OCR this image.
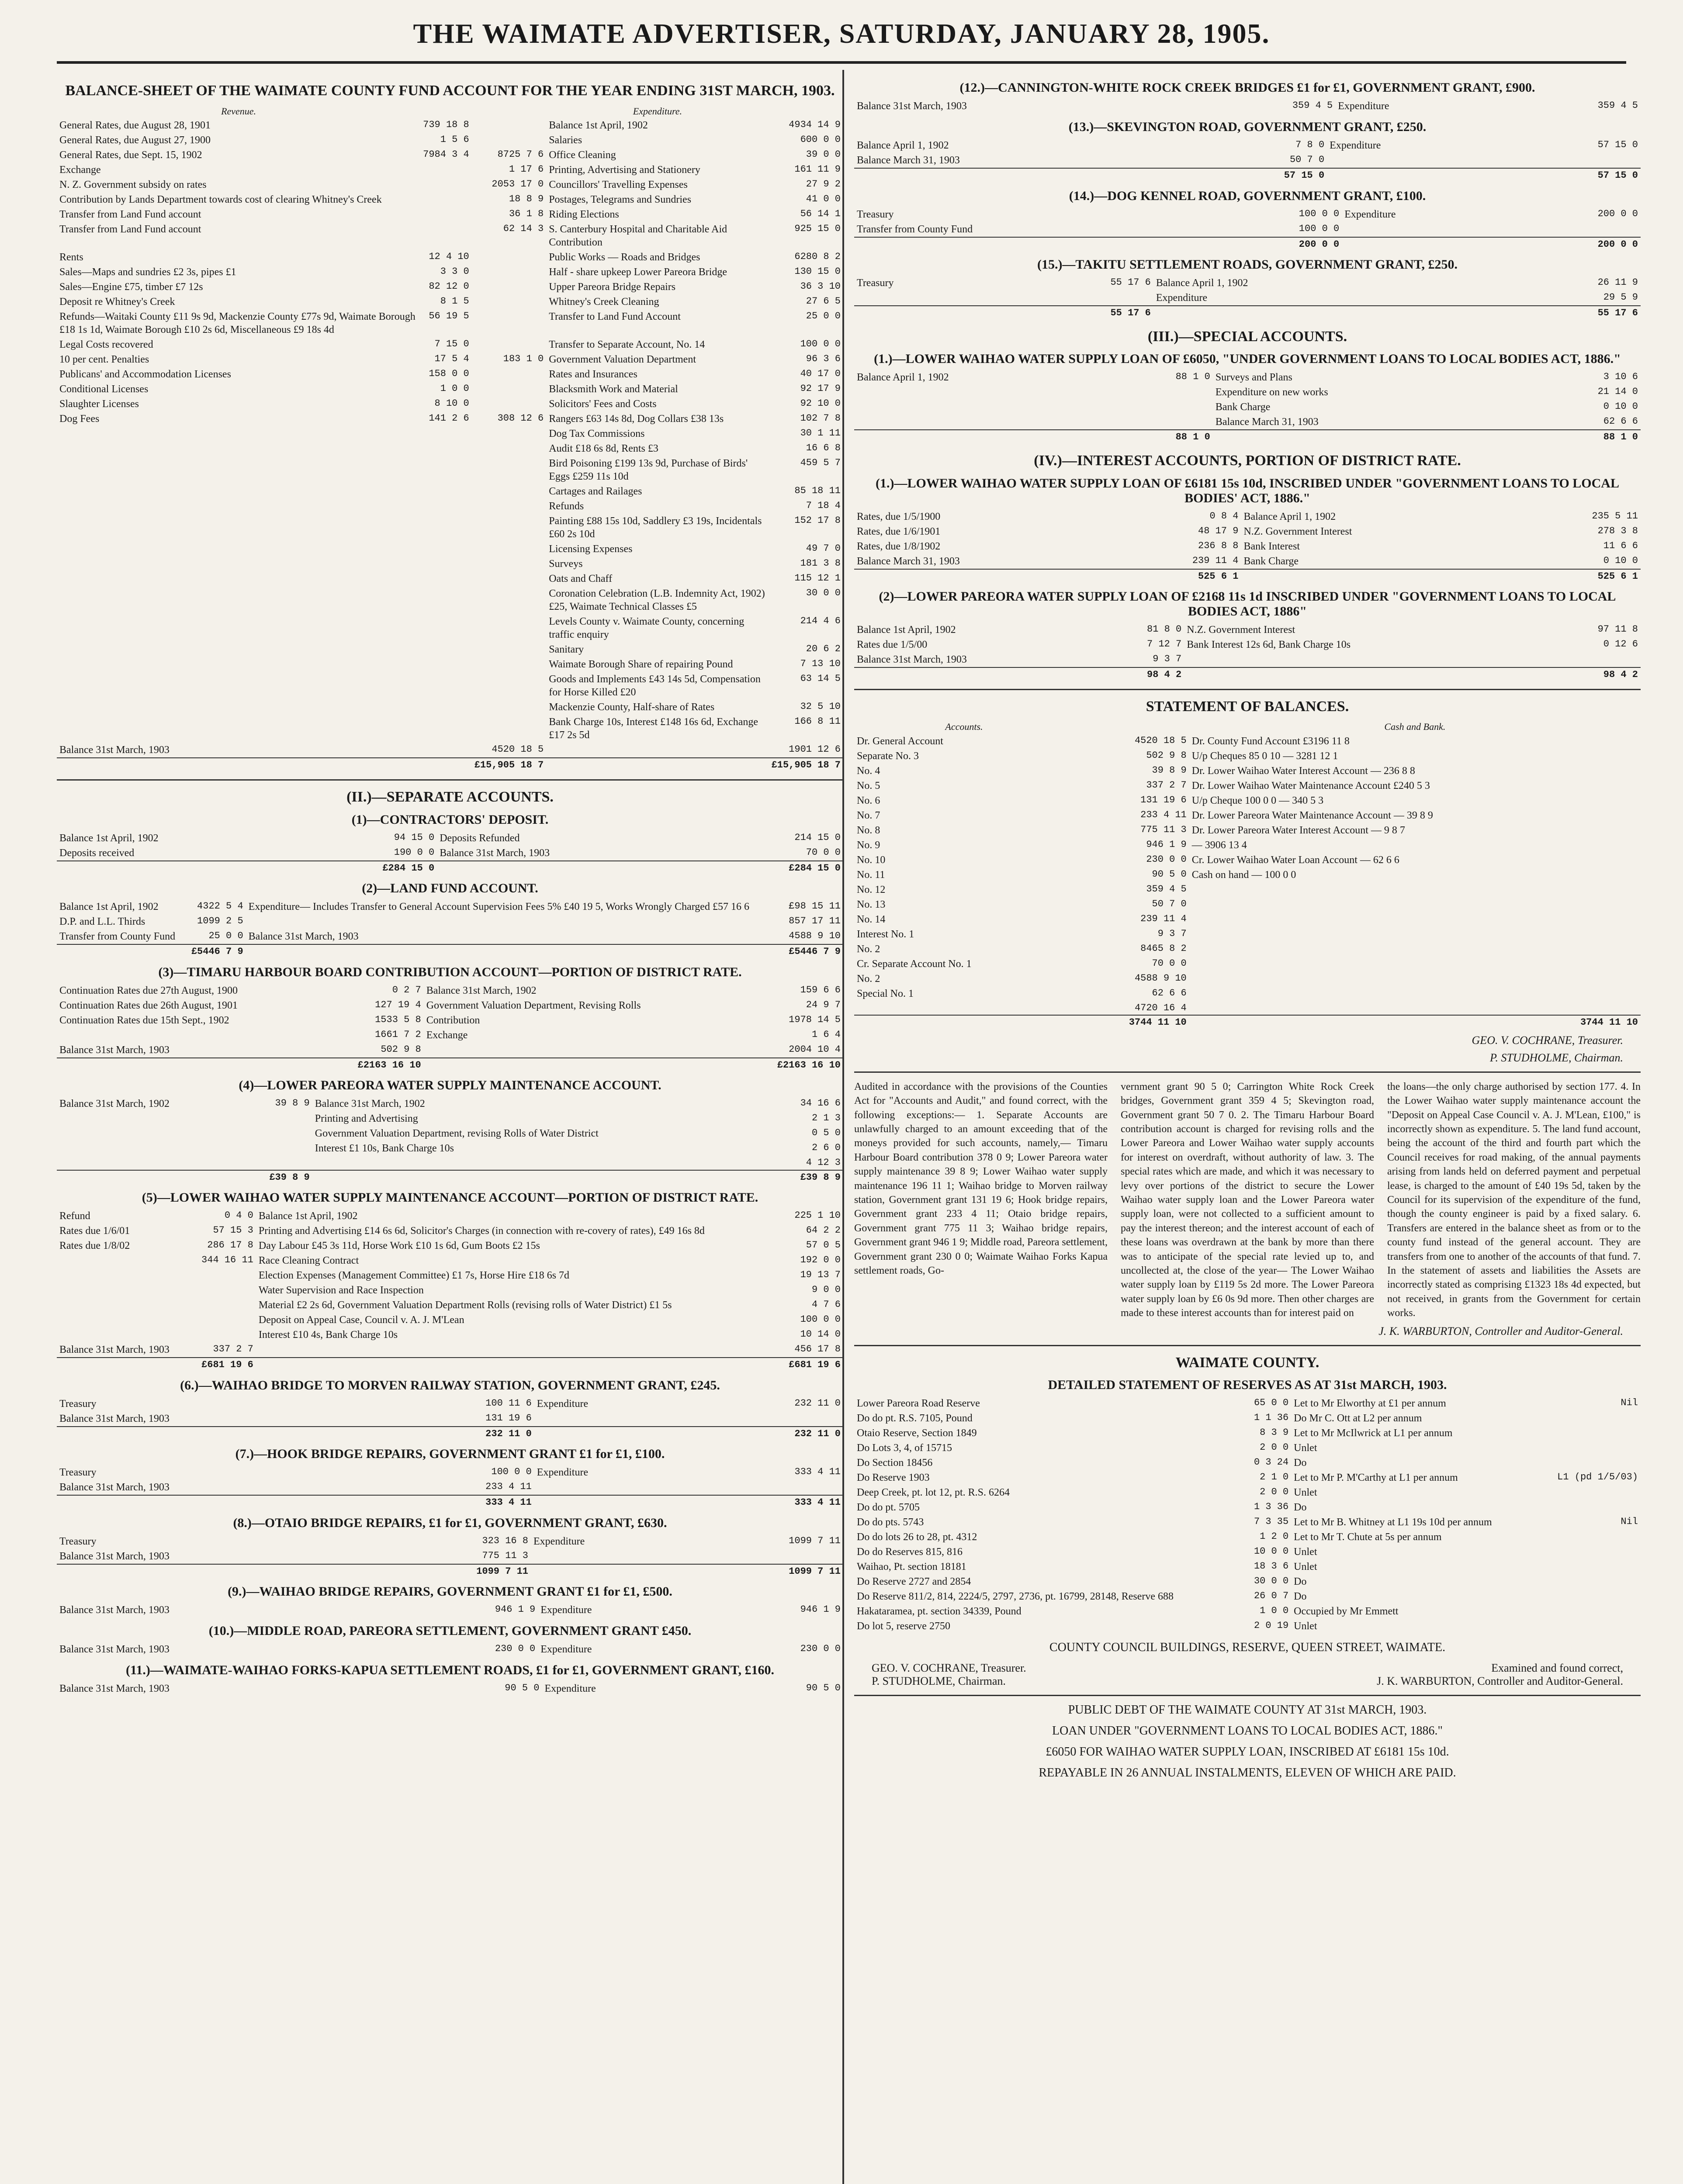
THE WAIMATE ADVERTISER, SATURDAY, JANUARY 28, 1905.
BALANCE-SHEET OF THE WAIMATE COUNTY FUND ACCOUNT FOR THE YEAR ENDING 31ST MARCH, 1903.
Revenue.			Expenditure.	
General Rates, due August 28, 1901	739 18 8		Balance 1st April, 1902	4934 14 9
General Rates, due August 27, 1900	1 5 6		Salaries	600 0 0
General Rates, due Sept. 15, 1902	7984 3 4	8725 7 6	Office Cleaning	39 0 0
Exchange		1 17 6	Printing, Advertising and Stationery	161 11 9
N. Z. Government subsidy on rates		2053 17 0	Councillors' Travelling Expenses	27 9 2
Contribution by Lands Department towards cost of clearing Whitney's Creek		18 8 9	Postages, Telegrams and Sundries	41 0 0
Transfer from Land Fund account		36 1 8	Riding Elections	56 14 1
Transfer from Land Fund account		62 14 3	S. Canterbury Hospital and Charitable Aid Contribution	925 15 0
Rents	12 4 10		Public Works — Roads and Bridges	6280 8 2
Sales—Maps and sundries £2 3s, pipes £1	3 3 0		Half - share upkeep Lower Pareora Bridge	130 15 0
Sales—Engine £75, timber £7 12s	82 12 0		Upper Pareora Bridge Repairs	36 3 10
Deposit re Whitney's Creek	8 1 5		Whitney's Creek Cleaning	27 6 5
Refunds—Waitaki County £11 9s 9d, Mackenzie County £77s 9d, Waimate Borough £18 1s 1d, Waimate Borough £10 2s 6d, Miscellaneous £9 18s 4d	56 19 5		Transfer to Land Fund Account	25 0 0
Legal Costs recovered	7 15 0		Transfer to Separate Account, No. 14	100 0 0
10 per cent. Penalties	17 5 4	183 1 0	Government Valuation Department	96 3 6
Publicans' and Accommodation Licenses	158 0 0		Rates and Insurances	40 17 0
Conditional Licenses	1 0 0		Blacksmith Work and Material	92 17 9
Slaughter Licenses	8 10 0		Solicitors' Fees and Costs	92 10 0
Dog Fees	141 2 6	308 12 6	Rangers £63 14s 8d, Dog Collars £38 13s	102 7 8
			Dog Tax Commissions	30 1 11
			Audit £18 6s 8d, Rents £3	16 6 8
			Bird Poisoning £199 13s 9d, Purchase of Birds' Eggs £259 11s 10d	459 5 7
			Cartages and Railages	85 18 11
			Refunds	7 18 4
			Painting £88 15s 10d, Saddlery £3 19s, Incidentals £60 2s 10d	152 17 8
			Licensing Expenses	49 7 0
			Surveys	181 3 8
			Oats and Chaff	115 12 1
			Coronation Celebration (L.B. Indemnity Act, 1902) £25, Waimate Technical Classes £5	30 0 0
			Levels County v. Waimate County, concerning traffic enquiry	214 4 6
			Sanitary	20 6 2
			Waimate Borough Share of repairing Pound	7 13 10
			Goods and Implements £43 14s 5d, Compensation for Horse Killed £20	63 14 5
			Mackenzie County, Half-share of Rates	32 5 10
			Bank Charge 10s, Interest £148 16s 6d, Exchange £17 2s 5d	166 8 11
Balance 31st March, 1903		4520 18 5		1901 12 6
		£15,905 18 7		£15,905 18 7
(II.)—SEPARATE ACCOUNTS.
(1)—CONTRACTORS' DEPOSIT.
Balance 1st April, 1902	94 15 0	Deposits Refunded	214 15 0
Deposits received	190 0 0	Balance 31st March, 1903	70 0 0
	£284 15 0		£284 15 0
(2)—LAND FUND ACCOUNT.
Balance 1st April, 1902	4322 5 4	Expenditure— Includes Transfer to General Account Supervision Fees 5% £40 19 5, Works Wrongly Charged £57 16 6	£98 15 11
D.P. and L.L. Thirds	1099 2 5		857 17 11
Transfer from County Fund	25 0 0	Balance 31st March, 1903	4588 9 10
	£5446 7 9		£5446 7 9
(3)—TIMARU HARBOUR BOARD CONTRIBUTION ACCOUNT—PORTION OF DISTRICT RATE.
Continuation Rates due 27th August, 1900	0 2 7	Balance 31st March, 1902	159 6 6
Continuation Rates due 26th August, 1901	127 19 4	Government Valuation Department, Revising Rolls	24 9 7
Continuation Rates due 15th Sept., 1902	1533 5 8	Contribution	1978 14 5
	1661 7 2	Exchange	1 6 4
Balance 31st March, 1903	502 9 8		2004 10 4
	£2163 16 10		£2163 16 10
(4)—LOWER PAREORA WATER SUPPLY MAINTENANCE ACCOUNT.
Balance 31st March, 1902	39 8 9	Balance 31st March, 1902	34 16 6
		Printing and Advertising	2 1 3
		Government Valuation Department, revising Rolls of Water District	0 5 0
		Interest £1 10s, Bank Charge 10s	2 6 0
			4 12 3
	£39 8 9		£39 8 9
(5)—LOWER WAIHAO WATER SUPPLY MAINTENANCE ACCOUNT—PORTION OF DISTRICT RATE.
Refund	0 4 0	Balance 1st April, 1902	225 1 10
Rates due 1/6/01	57 15 3	Printing and Advertising £14 6s 6d, Solicitor's Charges (in connection with re-covery of rates), £49 16s 8d	64 2 2
Rates due 1/8/02	286 17 8	Day Labour £45 3s 11d, Horse Work £10 1s 6d, Gum Boots £2 15s	57 0 5
	344 16 11	Race Cleaning Contract	192 0 0
		Election Expenses (Management Committee) £1 7s, Horse Hire £18 6s 7d	19 13 7
		Water Supervision and Race Inspection	9 0 0
		Material £2 2s 6d, Government Valuation Department Rolls (revising rolls of Water District) £1 5s	4 7 6
		Deposit on Appeal Case, Council v. A. J. M'Lean	100 0 0
		Interest £10 4s, Bank Charge 10s	10 14 0
Balance 31st March, 1903	337 2 7		456 17 8
	£681 19 6		£681 19 6
(6.)—WAIHAO BRIDGE TO MORVEN RAILWAY STATION, GOVERNMENT GRANT, £245.
Treasury	100 11 6	Expenditure	232 11 0
Balance 31st March, 1903	131 19 6		
	232 11 0		232 11 0
(7.)—HOOK BRIDGE REPAIRS, GOVERNMENT GRANT £1 for £1, £100.
Treasury	100 0 0	Expenditure	333 4 11
Balance 31st March, 1903	233 4 11		
	333 4 11		333 4 11
(8.)—OTAIO BRIDGE REPAIRS, £1 for £1, GOVERNMENT GRANT, £630.
Treasury	323 16 8	Expenditure	1099 7 11
Balance 31st March, 1903	775 11 3		
	1099 7 11		1099 7 11
(9.)—WAIHAO BRIDGE REPAIRS, GOVERNMENT GRANT £1 for £1, £500.
Balance 31st March, 1903	946 1 9	Expenditure	946 1 9
(10.)—MIDDLE ROAD, PAREORA SETTLEMENT, GOVERNMENT GRANT £450.
Balance 31st March, 1903	230 0 0	Expenditure	230 0 0
(11.)—WAIMATE-WAIHAO FORKS-KAPUA SETTLEMENT ROADS, £1 for £1, GOVERNMENT GRANT, £160.
Balance 31st March, 1903	90 5 0	Expenditure	90 5 0
(12.)—CANNINGTON-WHITE ROCK CREEK BRIDGES £1 for £1, GOVERNMENT GRANT, £900.
Balance 31st March, 1903	359 4 5	Expenditure	359 4 5
(13.)—SKEVINGTON ROAD, GOVERNMENT GRANT, £250.
Balance April 1, 1902	7 8 0	Expenditure	57 15 0
Balance March 31, 1903	50 7 0		
	57 15 0		57 15 0
(14.)—DOG KENNEL ROAD, GOVERNMENT GRANT, £100.
Treasury	100 0 0	Expenditure	200 0 0
Transfer from County Fund	100 0 0		
	200 0 0		200 0 0
(15.)—TAKITU SETTLEMENT ROADS, GOVERNMENT GRANT, £250.
Treasury	55 17 6	Balance April 1, 1902	26 11 9
		Expenditure	29 5 9
	55 17 6		55 17 6
(III.)—SPECIAL ACCOUNTS.
(1.)—LOWER WAIHAO WATER SUPPLY LOAN OF £6050, "UNDER GOVERNMENT LOANS TO LOCAL BODIES ACT, 1886."
Balance April 1, 1902	88 1 0	Surveys and Plans	3 10 6
		Expenditure on new works	21 14 0
		Bank Charge	0 10 0
		Balance March 31, 1903	62 6 6
	88 1 0		88 1 0
(IV.)—INTEREST ACCOUNTS, PORTION OF DISTRICT RATE.
(1.)—LOWER WAIHAO WATER SUPPLY LOAN OF £6181 15s 10d, INSCRIBED UNDER "GOVERNMENT LOANS TO LOCAL BODIES' ACT, 1886."
Rates, due 1/5/1900	0 8 4	Balance April 1, 1902	235 5 11
Rates, due 1/6/1901	48 17 9	N.Z. Government Interest	278 3 8
Rates, due 1/8/1902	236 8 8	Bank Interest	11 6 6
Balance March 31, 1903	239 11 4	Bank Charge	0 10 0
	525 6 1		525 6 1
(2)—LOWER PAREORA WATER SUPPLY LOAN OF £2168 11s 1d INSCRIBED UNDER "GOVERNMENT LOANS TO LOCAL BODIES ACT, 1886"
Balance 1st April, 1902	81 8 0	N.Z. Government Interest	97 11 8
Rates due 1/5/00	7 12 7	Bank Interest 12s 6d, Bank Charge 10s	0 12 6
Balance 31st March, 1903	9 3 7		
	98 4 2		98 4 2
STATEMENT OF BALANCES.
Accounts.		Cash and Bank.
Dr. General Account	4520 18 5	Dr. County Fund Account £3196 11 8
Separate No. 3	502 9 8	U/p Cheques 85 0 10 — 3281 12 1
No. 4	39 8 9	Dr. Lower Waihao Water Interest Account — 236 8 8
No. 5	337 2 7	Dr. Lower Waihao Water Maintenance Account £240 5 3
No. 6	131 19 6	U/p Cheque 100 0 0 — 340 5 3
No. 7	233 4 11	Dr. Lower Pareora Water Maintenance Account — 39 8 9
No. 8	775 11 3	Dr. Lower Pareora Water Interest Account — 9 8 7
No. 9	946 1 9	— 3906 13 4
No. 10	230 0 0	Cr. Lower Waihao Water Loan Account — 62 6 6
No. 11	90 5 0	Cash on hand — 100 0 0
No. 12	359 4 5	
No. 13	50 7 0	
No. 14	239 11 4	
Interest No. 1	9 3 7	
No. 2	8465 8 2	
Cr. Separate Account No. 1	70 0 0	
No. 2	4588 9 10	
Special No. 1	62 6 6	
	4720 16 4	
	3744 11 10	3744 11 10
GEO. V. COCHRANE, Treasurer.
P. STUDHOLME, Chairman.
Audited in accordance with the provisions of the Counties Act for "Accounts and Audit," and found correct, with the following exceptions:— 1. Separate Accounts are unlawfully charged to an amount exceeding that of the moneys provided for such accounts, namely,— Timaru Harbour Board contribution 378 0 9; Lower Pareora water supply maintenance 39 8 9; Lower Waihao water supply maintenance 196 11 1; Waihao bridge to Morven railway station, Government grant 131 19 6; Hook bridge repairs, Government grant 233 4 11; Otaio bridge repairs, Government grant 775 11 3; Waihao bridge repairs, Government grant 946 1 9; Middle road, Pareora settlement, Government grant 230 0 0; Waimate Waihao Forks Kapua settlement roads, Go-
vernment grant 90 5 0; Carrington White Rock Creek bridges, Government grant 359 4 5; Skevington road, Government grant 50 7 0. 2. The Timaru Harbour Board contribution account is charged for revising rolls and the Lower Pareora and Lower Waihao water supply accounts for interest on overdraft, without authority of law. 3. The special rates which are made, and which it was necessary to levy over portions of the district to secure the Lower Waihao water supply loan and the Lower Pareora water supply loan, were not collected to a sufficient amount to pay the interest thereon; and the interest account of each of these loans was overdrawn at the bank by more than there was to anticipate of the special rate levied up to, and uncollected at, the close of the year— The Lower Waihao water supply loan by £119 5s 2d more. The Lower Pareora water supply loan by £6 0s 9d more. Then other charges are made to these interest accounts than for interest paid on
the loans—the only charge authorised by section 177. 4. In the Lower Waihao water supply maintenance account the "Deposit on Appeal Case Council v. A. J. M'Lean, £100," is incorrectly shown as expenditure. 5. The land fund account, being the account of the third and fourth part which the Council receives for road making, of the annual payments arising from lands held on deferred payment and perpetual lease, is charged to the amount of £40 19s 5d, taken by the Council for its supervision of the expenditure of the fund, though the county engineer is paid by a fixed salary. 6. Transfers are entered in the balance sheet as from or to the county fund instead of the general account. They are transfers from one to another of the accounts of that fund. 7. In the statement of assets and liabilities the Assets are incorrectly stated as comprising £1323 18s 4d expected, but not received, in grants from the Government for certain works.
J. K. WARBURTON, Controller and Auditor-General.
WAIMATE COUNTY.
DETAILED STATEMENT OF RESERVES AS AT 31st MARCH, 1903.
Lower Pareora Road Reserve	65 0 0	Let to Mr Elworthy at £1 per annum	Nil
Do do pt. R.S. 7105, Pound	1 1 36	Do Mr C. Ott at L2 per annum	
Otaio Reserve, Section 1849	8 3 9	Let to Mr McIlwrick at L1 per annum	
Do Lots 3, 4, of 15715	2 0 0	Unlet	
Do Section 18456	0 3 24	Do	
Do Reserve 1903	2 1 0	Let to Mr P. M'Carthy at L1 per annum	L1 (pd 1/5/03)
Deep Creek, pt. lot 12, pt. R.S. 6264	2 0 0	Unlet	
Do do pt. 5705	1 3 36	Do	
Do do pts. 5743	7 3 35	Let to Mr B. Whitney at L1 19s 10d per annum	Nil
Do do lots 26 to 28, pt. 4312	1 2 0	Let to Mr T. Chute at 5s per annum	
Do do Reserves 815, 816	10 0 0	Unlet	
Waihao, Pt. section 18181	18 3 6	Unlet	
Do Reserve 2727 and 2854	30 0 0	Do	
Do Reserve 811/2, 814, 2224/5, 2797, 2736, pt. 16799, 28148, Reserve 688	26 0 7	Do	
Hakataramea, pt. section 34339, Pound	1 0 0	Occupied by Mr Emmett	
Do lot 5, reserve 2750	2 0 19	Unlet	
COUNTY COUNCIL BUILDINGS, RESERVE, QUEEN STREET, WAIMATE.
GEO. V. COCHRANE, Treasurer.
P. STUDHOLME, Chairman.
Examined and found correct,
J. K. WARBURTON, Controller and Auditor-General.
PUBLIC DEBT OF THE WAIMATE COUNTY AT 31st MARCH, 1903.
LOAN UNDER "GOVERNMENT LOANS TO LOCAL BODIES ACT, 1886."
£6050 FOR WAIHAO WATER SUPPLY LOAN, INSCRIBED AT £6181 15s 10d.
REPAYABLE IN 26 ANNUAL INSTALMENTS, ELEVEN OF WHICH ARE PAID.
